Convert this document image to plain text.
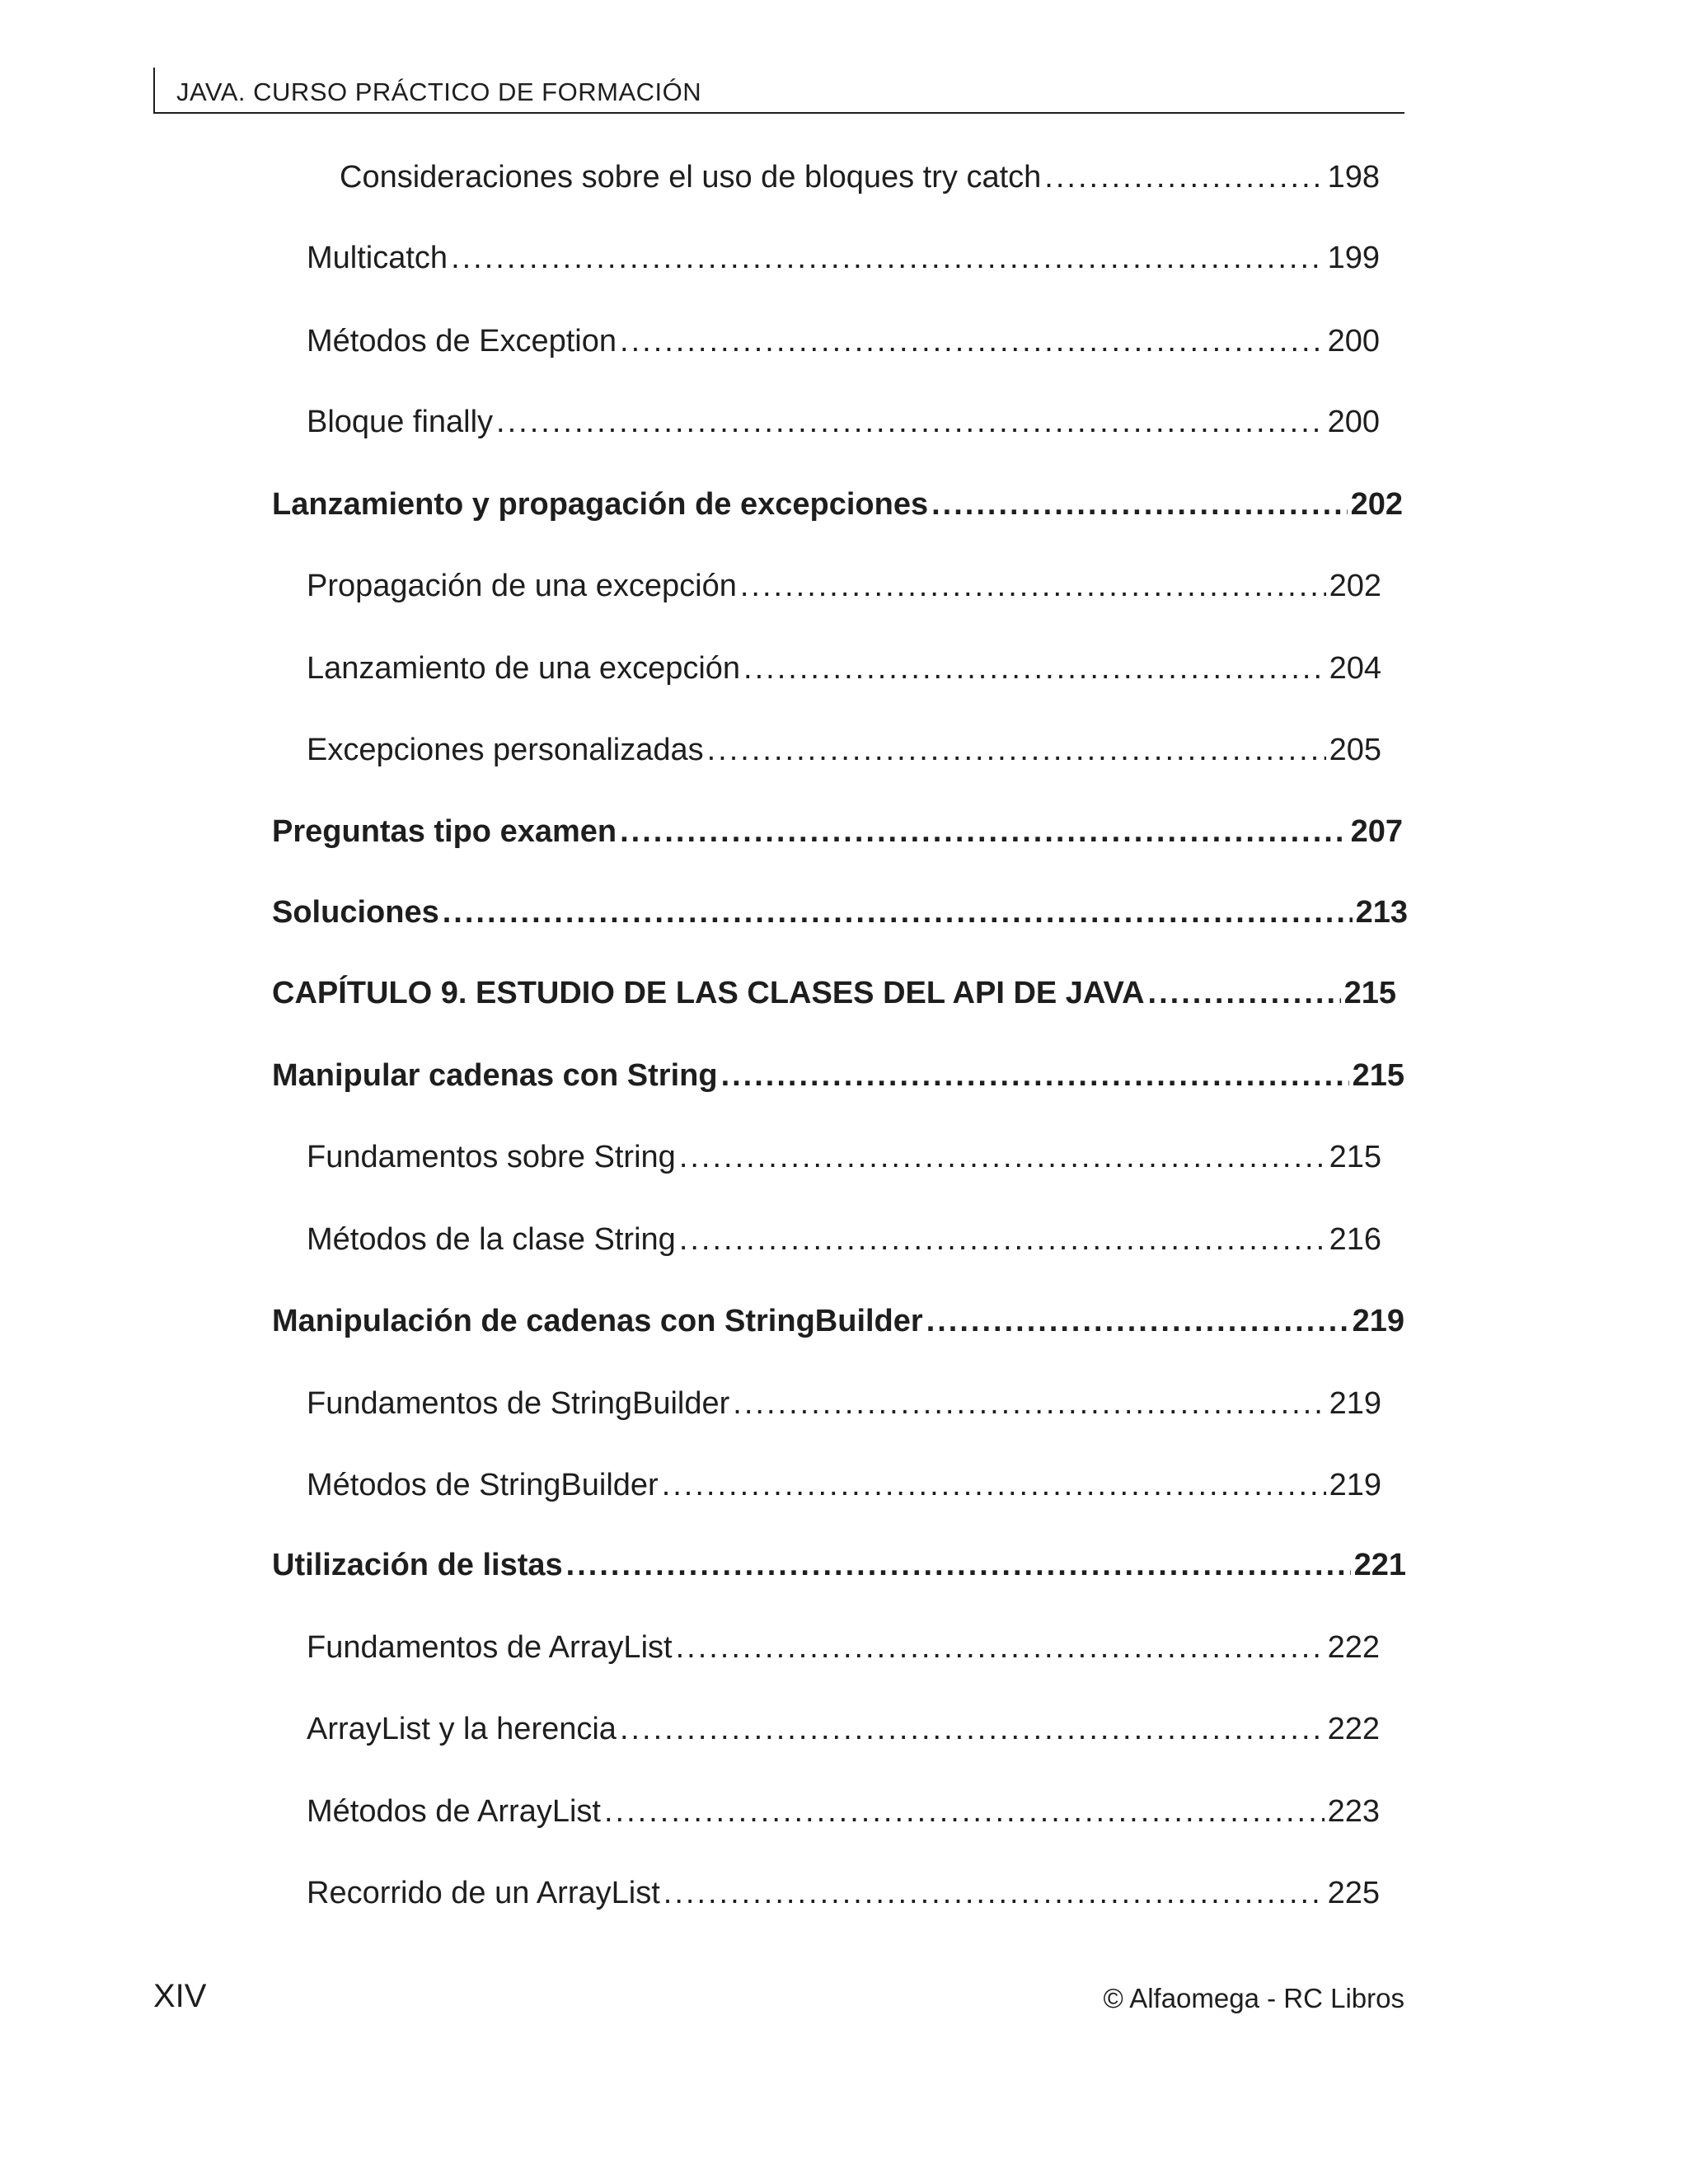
JAVA. CURSO PRÁCTICO DE FORMACIÓN
Consideraciones sobre el uso de bloques try catch .....	198
Multicatch .....	199
Métodos de Exception .....	200
Bloque finally .....	200
Lanzamiento y propagación de excepciones .....	202
Propagación de una excepción .....	202
Lanzamiento de una excepción .....	204
Excepciones personalizadas .....	205
Preguntas tipo examen .....	207
Soluciones .....	213
CAPÍTULO 9. ESTUDIO DE LAS CLASES DEL API DE JAVA .....	215
Manipular cadenas con String .....	215
Fundamentos sobre String .....	215
Métodos de la clase String .....	216
Manipulación de cadenas con StringBuilder .....	219
Fundamentos de StringBuilder .....	219
Métodos de StringBuilder .....	219
Utilización de listas .....	221
Fundamentos de ArrayList .....	222
ArrayList y la herencia .....	222
Métodos de ArrayList .....	223
Recorrido de un ArrayList .....	225
XIV	© Alfaomega - RC Libros
